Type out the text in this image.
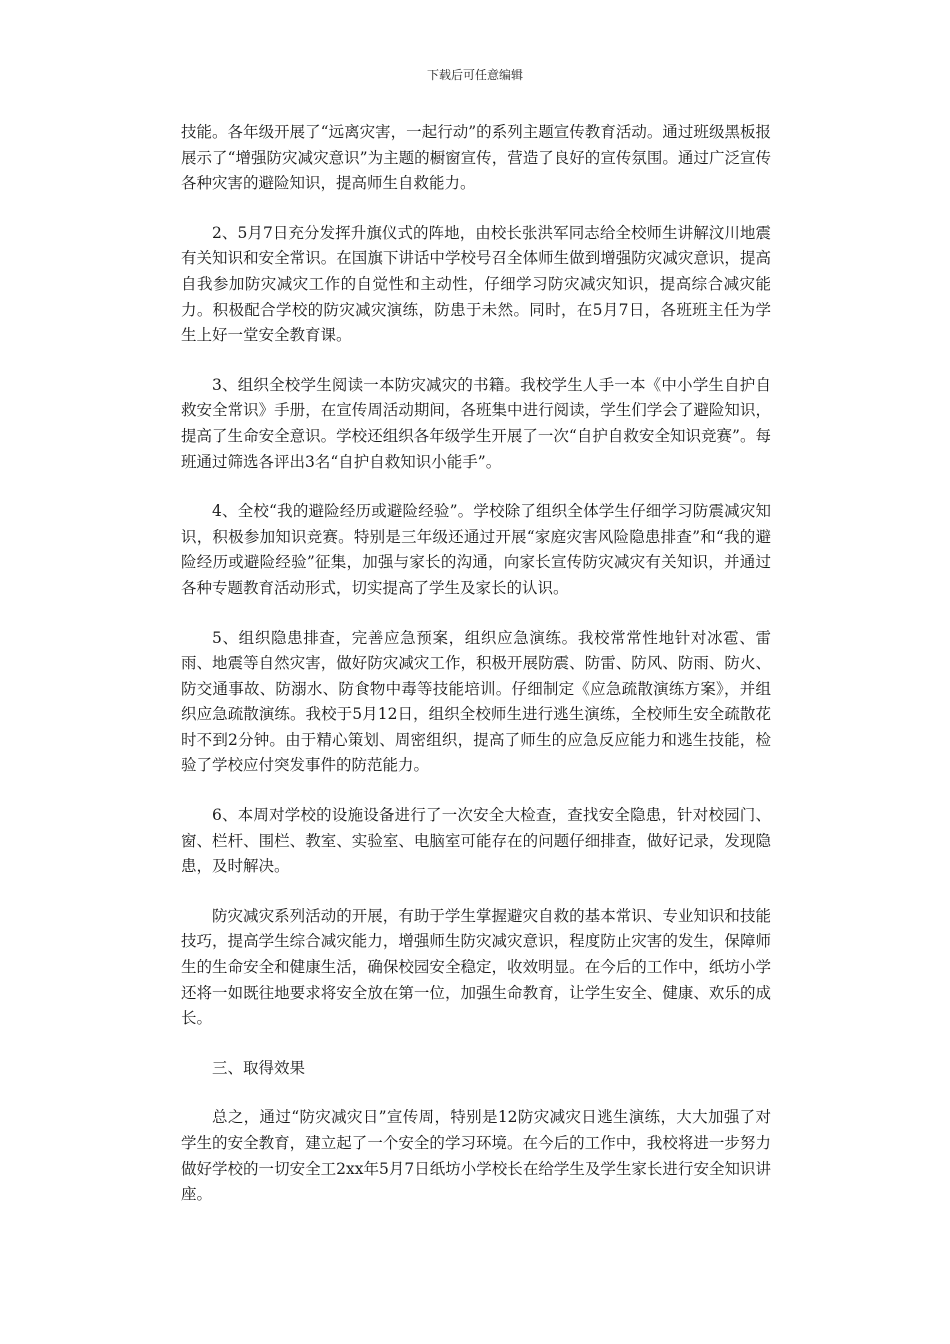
下载后可任意编辑

技能。各年级开展了“远离灾害，一起行动”的系列主题宣传教育活动。通过班级黑板报展示了“增强防灾减灾意识”为主题的橱窗宣传，营造了良好的宣传氛围。通过广泛宣传各种灾害的避险知识，提高师生自救能力。

2、5月7日充分发挥升旗仪式的阵地，由校长张洪军同志给全校师生讲解汶川地震有关知识和安全常识。在国旗下讲话中学校号召全体师生做到增强防灾减灾意识，提高自我参加防灾减灾工作的自觉性和主动性，仔细学习防灾减灾知识，提高综合减灾能力。积极配合学校的防灾减灾演练，防患于未然。同时，在5月7日，各班班主任为学生上好一堂安全教育课。

3、组织全校学生阅读一本防灾减灾的书籍。我校学生人手一本《中小学生自护自救安全常识》手册，在宣传周活动期间，各班集中进行阅读，学生们学会了避险知识，提高了生命安全意识。学校还组织各年级学生开展了一次“自护自救安全知识竞赛”。每班通过筛选各评出3名“自护自救知识小能手”。

4、全校“我的避险经历或避险经验”。学校除了组织全体学生仔细学习防震减灾知识，积极参加知识竞赛。特别是三年级还通过开展“家庭灾害风险隐患排查”和“我的避险经历或避险经验”征集，加强与家长的沟通，向家长宣传防灾减灾有关知识，并通过各种专题教育活动形式，切实提高了学生及家长的认识。

5、组织隐患排查，完善应急预案，组织应急演练。我校常常性地针对冰雹、雷雨、地震等自然灾害，做好防灾减灾工作，积极开展防震、防雷、防风、防雨、防火、防交通事故、防溺水、防食物中毒等技能培训。仔细制定《应急疏散演练方案》，并组织应急疏散演练。我校于5月12日，组织全校师生进行逃生演练，全校师生安全疏散花时不到2分钟。由于精心策划、周密组织，提高了师生的应急反应能力和逃生技能，检验了学校应付突发事件的防范能力。

6、本周对学校的设施设备进行了一次安全大检查，查找安全隐患，针对校园门、窗、栏杆、围栏、教室、实验室、电脑室可能存在的问题仔细排查，做好记录，发现隐患，及时解决。

防灾减灾系列活动的开展，有助于学生掌握避灾自救的基本常识、专业知识和技能技巧，提高学生综合减灾能力，增强师生防灾减灾意识，程度防止灾害的发生，保障师生的生命安全和健康生活，确保校园安全稳定，收效明显。在今后的工作中，纸坊小学还将一如既往地要求将安全放在第一位，加强生命教育，让学生安全、健康、欢乐的成长。

三、取得效果

总之，通过“防灾减灾日”宣传周，特别是12防灾减灾日逃生演练，大大加强了对学生的安全教育，建立起了一个安全的学习环境。在今后的工作中，我校将进一步努力做好学校的一切安全工2xx年5月7日纸坊小学校长在给学生及学生家长进行安全知识讲座。
